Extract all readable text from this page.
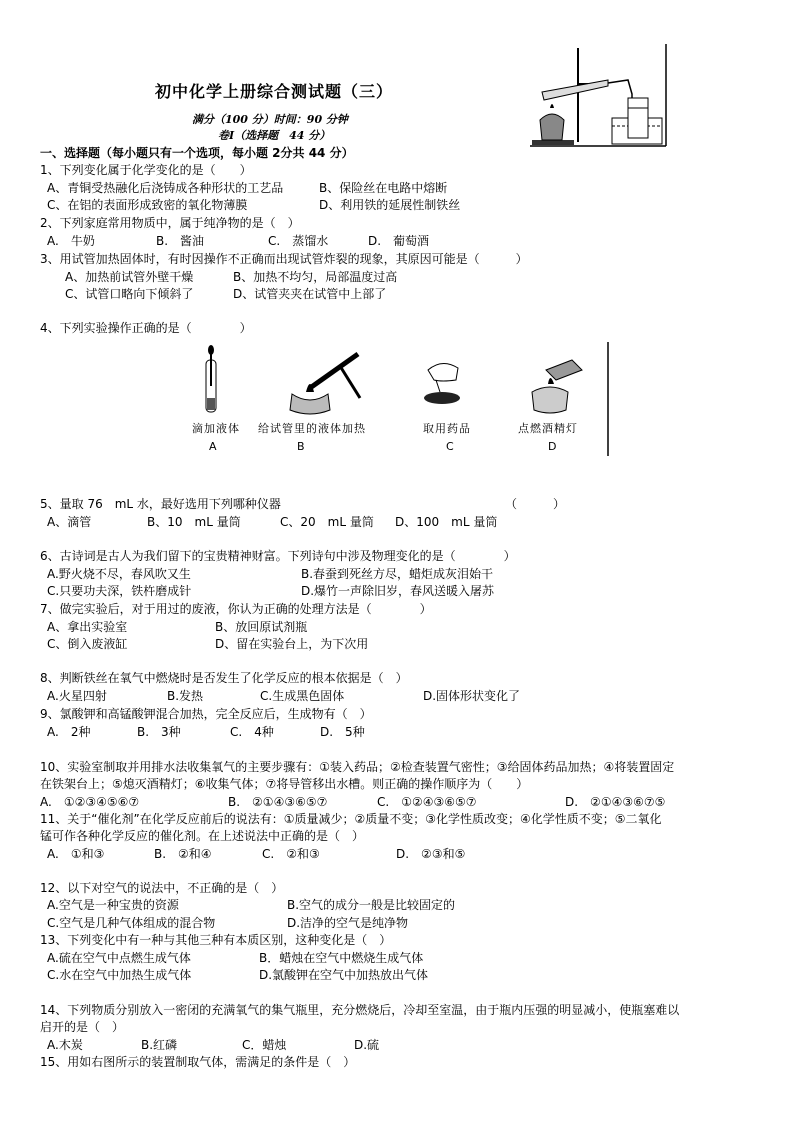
初中化学上册综合测试题（三）
满分（100 分）时间：90 分钟
卷Ⅰ（选择题　44 分）
一、选择题（每小题只有一个选项，每小题 2分共 44 分）
1、下列变化属于化学变化的是（　　）
A、青铜受热融化后浇铸成各种形状的工艺品	B、保险丝在电路中熔断
C、在铝的表面形成致密的氧化物薄膜	D、利用铁的延展性制铁丝
2、下列家庭常用物质中，属于纯净物的是（　）
A.　牛奶	B.　酱油	C.　蒸馏水	D.　葡萄酒
3、用试管加热固体时，有时因操作不正确而出现试管炸裂的现象，其原因可能是（　　　）
A、加热前试管外壁干燥	B、加热不均匀，局部温度过高
C、试管口略向下倾斜了	D、试管夹夹在试管中上部了
4、下列实验操作正确的是（　　　　）
滴加液体 给试管里的液体加热	取用药品	点燃酒精灯
A	B	C	D
5、量取 76　mL 水，最好选用下列哪种仪器	（　　　）
A、滴管	B、10　mL 量筒	C、20　mL 量筒 D、100　mL 量筒
6、古诗词是古人为我们留下的宝贵精神财富。下列诗句中涉及物理变化的是（　　　　）
A.野火烧不尽，春风吹又生	B.春蚕到死丝方尽，蜡炬成灰泪始干
C.只要功夫深，铁杵磨成针	D.爆竹一声除旧岁，春风送暖入屠苏
7、做完实验后，对于用过的废液，你认为正确的处理方法是（　　　　）
A、拿出实验室	B、放回原试剂瓶
C、倒入废液缸	D、留在实验台上，为下次用
8、判断铁丝在氧气中燃烧时是否发生了化学反应的根本依据是（　）
A.火星四射	B.发热	C.生成黑色固体	D.固体形状变化了
9、氯酸钾和高锰酸钾混合加热，完全反应后，生成物有（　）
A.　2种	B.　3种	C.　4种	D.　5种
10、实验室制取并用排水法收集氧气的主要步骤有：①装入药品；②检查装置气密性；③给固体药品加热；④将装置固定
在铁架台上；⑤熄灭酒精灯；⑥收集气体；⑦将导管移出水槽。则正确的操作顺序为（　　）
A.　①②③④⑤⑥⑦	B.　②①④③⑥⑤⑦	C.　①②④③⑥⑤⑦	D.　②①④③⑥⑦⑤
11、关于“催化剂”在化学反应前后的说法有：①质量减少；②质量不变；③化学性质改变；④化学性质不变；⑤二氧化
锰可作各种化学反应的催化剂。在上述说法中正确的是（　）
A.　①和③	B.　②和④	C.　②和③	D.　②③和⑤
12、以下对空气的说法中，不正确的是（　）
A.空气是一种宝贵的资源	B.空气的成分一般是比较固定的
C.空气是几种气体组成的混合物	D.洁净的空气是纯净物
13、下列变化中有一种与其他三种有本质区别，这种变化是（　）
A.硫在空气中点燃生成气体	B．蜡烛在空气中燃烧生成气体
C.水在空气中加热生成气体	D.氯酸钾在空气中加热放出气体
14、下列物质分别放入一密闭的充满氧气的集气瓶里，充分燃烧后，冷却至室温，由于瓶内压强的明显减小，使瓶塞难以
启开的是（　）
A.木炭	B.红磷	C．蜡烛	D.硫
15、用如右图所示的装置制取气体，需满足的条件是（　）
